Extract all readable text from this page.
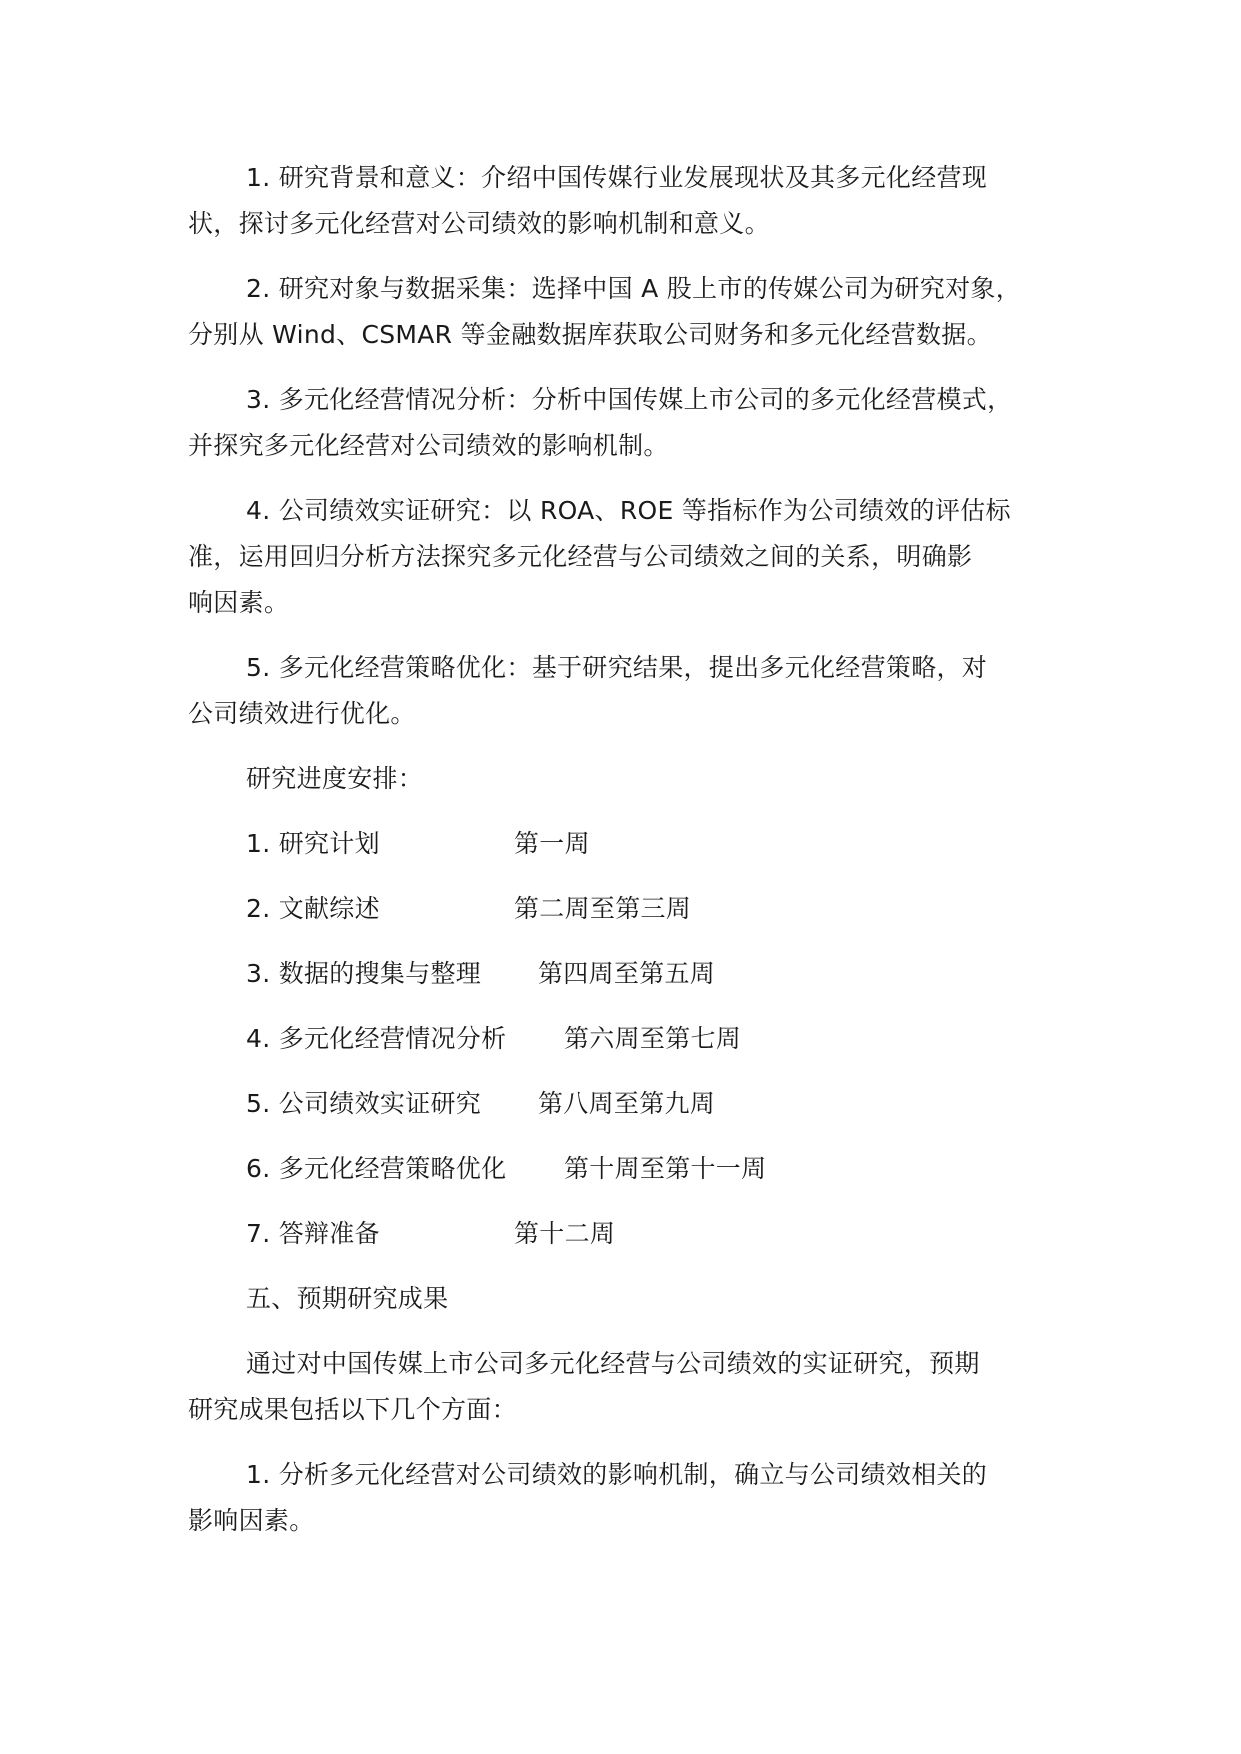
1. 研究背景和意义：介绍中国传媒行业发展现状及其多元化经营现
状，探讨多元化经营对公司绩效的影响机制和意义。

2. 研究对象与数据采集：选择中国 A 股上市的传媒公司为研究对象，
分别从 Wind、CSMAR 等金融数据库获取公司财务和多元化经营数据。

3. 多元化经营情况分析：分析中国传媒上市公司的多元化经营模式，
并探究多元化经营对公司绩效的影响机制。

4. 公司绩效实证研究：以 ROA、ROE 等指标作为公司绩效的评估标
准，运用回归分析方法探究多元化经营与公司绩效之间的关系，明确影
响因素。

5. 多元化经营策略优化：基于研究结果，提出多元化经营策略，对
公司绩效进行优化。

研究进度安排：
1. 研究计划	第一周
2. 文献综述	第二周至第三周
3. 数据的搜集与整理	第四周至第五周
4. 多元化经营情况分析	第六周至第七周
5. 公司绩效实证研究	第八周至第九周
6. 多元化经营策略优化	第十周至第十一周
7. 答辩准备	第十二周
五、预期研究成果

通过对中国传媒上市公司多元化经营与公司绩效的实证研究，预期
研究成果包括以下几个方面：

1. 分析多元化经营对公司绩效的影响机制，确立与公司绩效相关的
影响因素。
